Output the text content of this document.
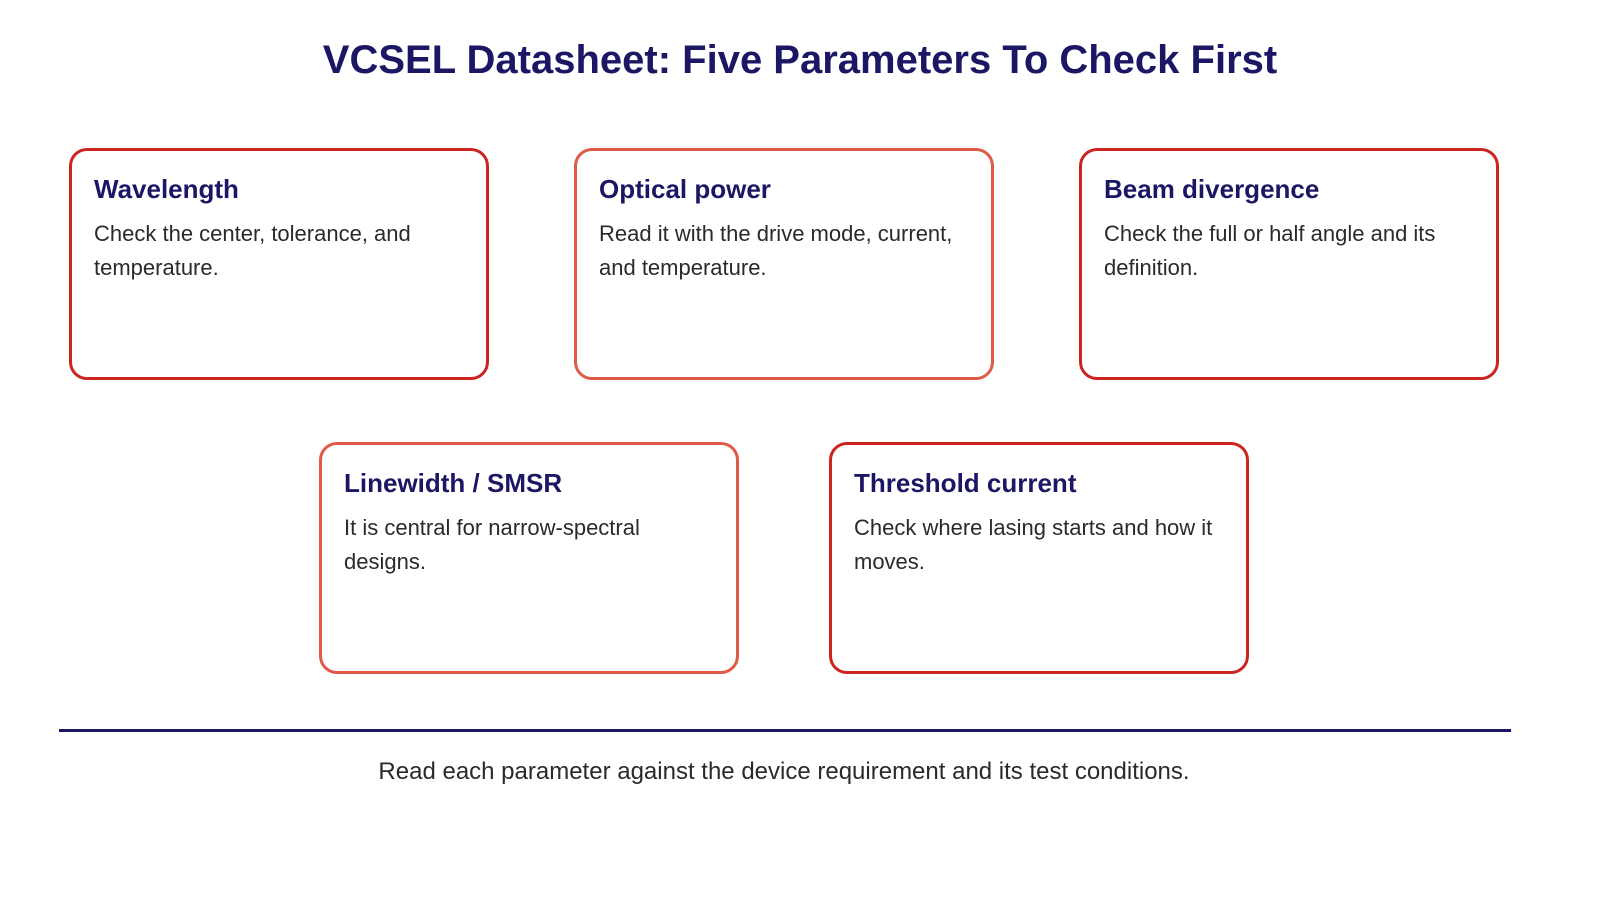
VCSEL Datasheet: Five Parameters To Check First
Wavelength

Check the center, tolerance, and temperature.

Optical power

Read it with the drive mode, current, and temperature.

Beam divergence

Check the full or half angle and its definition.

Linewidth / SMSR

It is central for narrow-spectral designs.

Threshold current

Check where lasing starts and how it moves.

Read each parameter against the device requirement and its test conditions.
